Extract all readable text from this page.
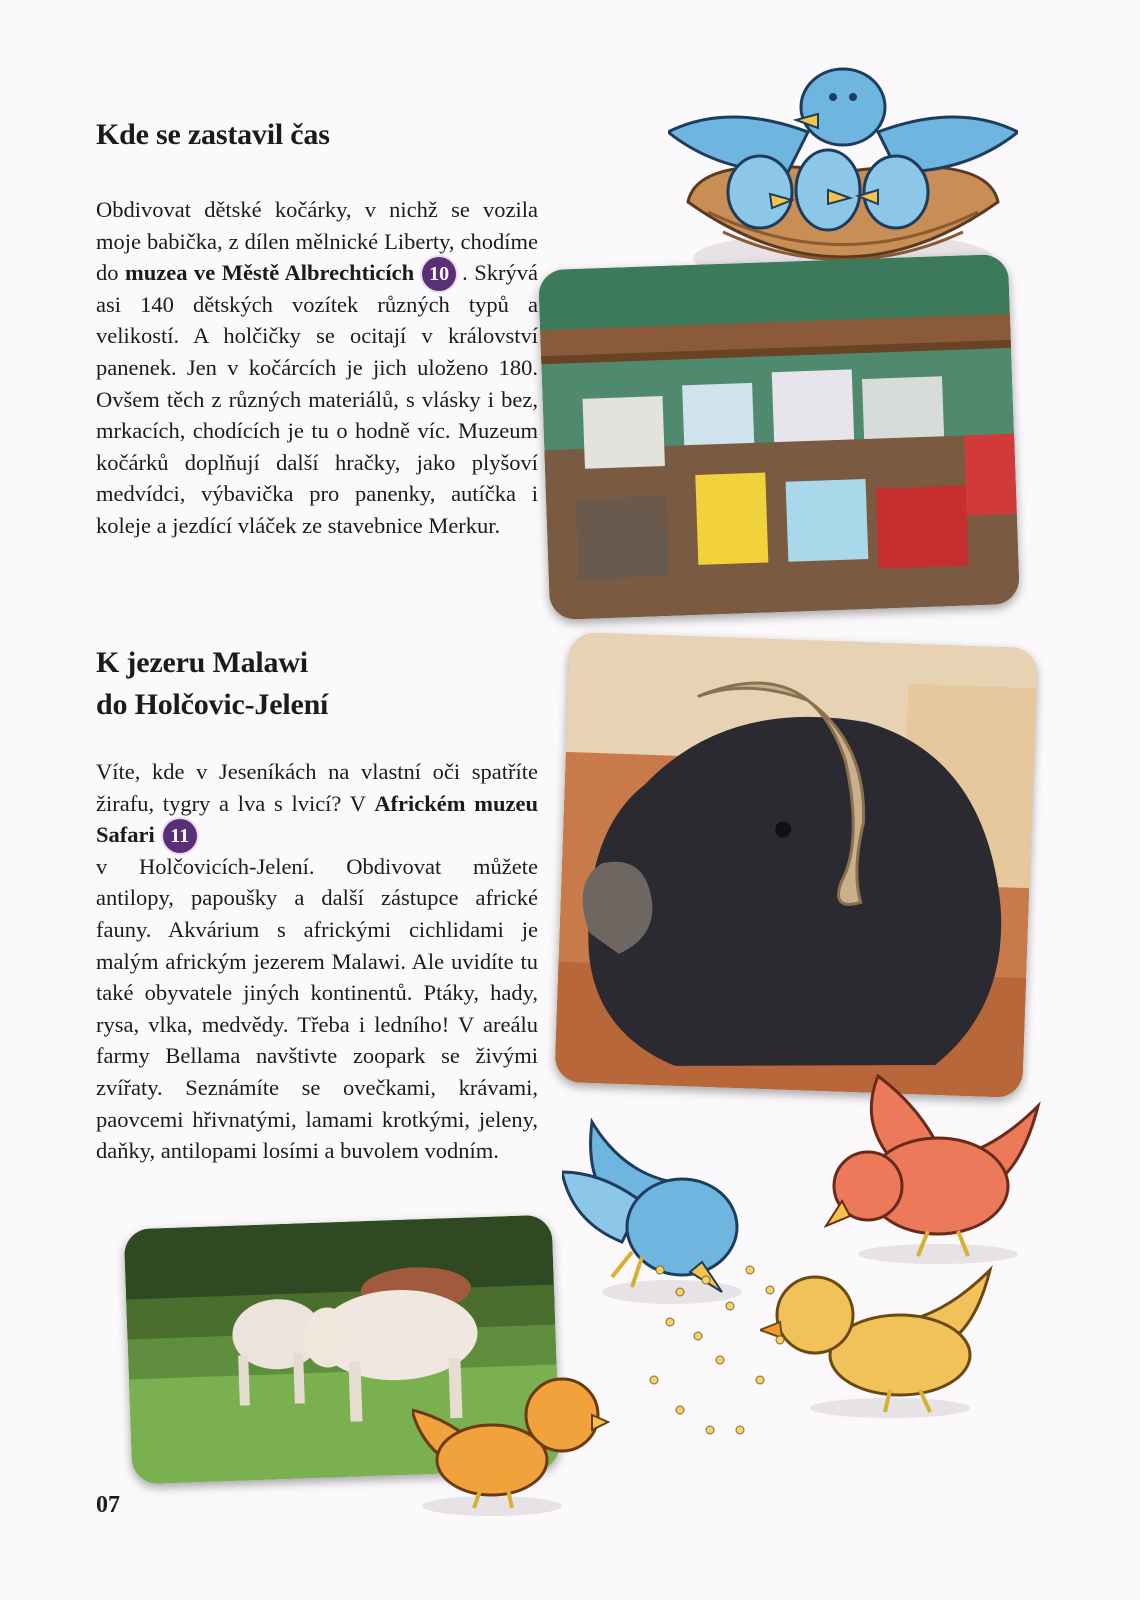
Kde se zastavil čas

Obdivovat dětské kočárky, v nichž se vozila moje babička, z dílen mělnické Liberty, chodíme do muzea ve Městě Albrechticích 10 . Skrývá asi 140 dětských vozítek různých typů a velikostí. A holčičky se ocitají v království panenek. Jen v kočárcích je jich uloženo 180. Ovšem těch z různých materiálů, s vlásky i bez, mrkacích, chodících je tu o hodně víc. Muzeum kočárků doplňují další hračky, jako plyšoví medvídci, výbavička pro panenky, autíčka i koleje a jezdící vláček ze stavebnice Merkur.

K jezeru Malawi
do Holčovic-Jelení

Víte, kde v Jeseníkách na vlastní oči spatříte žirafu, tygry a lva s lvicí? V Africkém muzeu Safari 11
v Holčovicích-Jelení. Obdivovat můžete antilopy, papoušky a další zástupce africké fauny. Akvárium s africkými cichlidami je malým africkým jezerem Malawi. Ale uvidíte tu také obyvatele jiných kontinentů. Ptáky, hady, rysa, vlka, medvědy. Třeba i ledního! V areálu farmy Bellama navštivte zoopark se živými zvířaty. Seznámíte se ovečkami, krávami, paovcemi hřivnatými, lamami krotkými, jeleny, daňky, antilopami losími a buvolem vodním.

07
